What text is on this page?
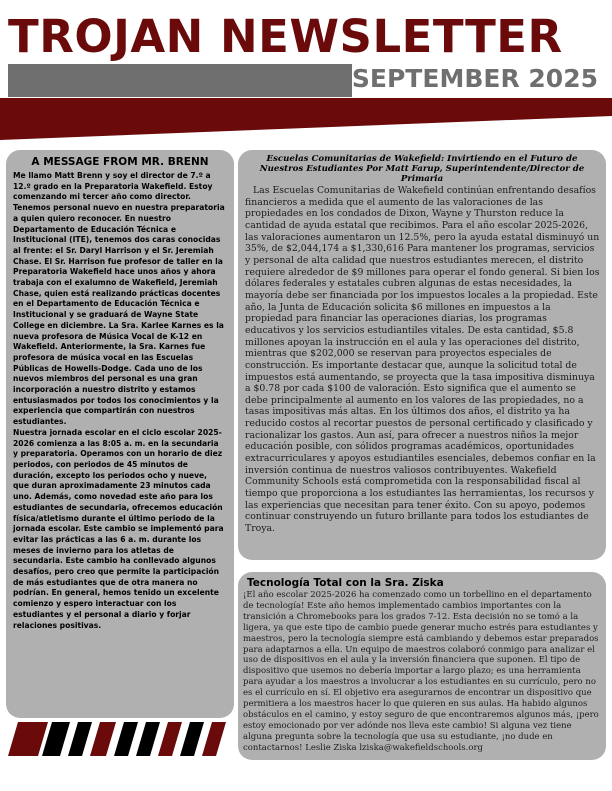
TROJAN NEWSLETTER
SEPTEMBER 2025
A MESSAGE FROM MR. BRENN

Me llamo Matt Brenn y soy el director de 7.º a 12.º grado en la Preparatoria Wakefield. Estoy comenzando mi tercer año como director. Tenemos personal nuevo en nuestra preparatoria a quien quiero reconocer. En nuestro Departamento de Educación Técnica e Institucional (ITE), tenemos dos caras conocidas al frente: el Sr. Daryl Harrison y el Sr. Jeremiah Chase. El Sr. Harrison fue profesor de taller en la Preparatoria Wakefield hace unos años y ahora trabaja con el exalumno de Wakefield, Jeremiah Chase, quien está realizando prácticas docentes en el Departamento de Educación Técnica e Institucional y se graduará de Wayne State College en diciembre. La Sra. Karlee Karnes es la nueva profesora de Música Vocal de K-12 en Wakefield. Anteriormente, la Sra. Karnes fue profesora de música vocal en las Escuelas Públicas de Howells-Dodge. Cada uno de los nuevos miembros del personal es una gran incorporación a nuestro distrito y estamos entusiasmados por todos los conocimientos y la experiencia que compartirán con nuestros estudiantes.

Nuestra jornada escolar en el ciclo escolar 2025-2026 comienza a las 8:05 a. m. en la secundaria y preparatoria. Operamos con un horario de diez periodos, con periodos de 45 minutos de duración, excepto los periodos ocho y nueve, que duran aproximadamente 23 minutos cada uno. Además, como novedad este año para los estudiantes de secundaria, ofrecemos educación física/atletismo durante el último periodo de la jornada escolar. Este cambio se implementó para evitar las prácticas a las 6 a. m. durante los meses de invierno para los atletas de secundaria. Este cambio ha conllevado algunos desafíos, pero creo que permite la participación de más estudiantes que de otra manera no podrían. En general, hemos tenido un excelente comienzo y espero interactuar con los estudiantes y el personal a diario y forjar relaciones positivas.

Escuelas Comunitarias de Wakefield: Invirtiendo en el Futuro de Nuestros Estudiantes Por Matt Farup, Superintendente/Director de Primaria

Las Escuelas Comunitarias de Wakefield continúan enfrentando desafíos financieros a medida que el aumento de las valoraciones de las propiedades en los condados de Dixon, Wayne y Thurston reduce la cantidad de ayuda estatal que recibimos. Para el año escolar 2025-2026, las valoraciones aumentaron un 12.5%, pero la ayuda estatal disminuyó un 35%, de $2,044,174 a $1,330,616 Para mantener los programas, servicios y personal de alta calidad que nuestros estudiantes merecen, el distrito requiere alrededor de $9 millones para operar el fondo general. Si bien los dólares federales y estatales cubren algunas de estas necesidades, la mayoría debe ser financiada por los impuestos locales a la propiedad. Este año, la Junta de Educación solicita $6 millones en impuestos a la propiedad para financiar las operaciones diarias, los programas educativos y los servicios estudiantiles vitales. De esta cantidad, $5.8 millones apoyan la instrucción en el aula y las operaciones del distrito, mientras que $202,000 se reservan para proyectos especiales de construcción. Es importante destacar que, aunque la solicitud total de impuestos está aumentando, se proyecta que la tasa impositiva disminuya a $0.78 por cada $100 de valoración. Esto significa que el aumento se debe principalmente al aumento en los valores de las propiedades, no a tasas impositivas más altas. En los últimos dos años, el distrito ya ha reducido costos al recortar puestos de personal certificado y clasificado y racionalizar los gastos. Aun así, para ofrecer a nuestros niños la mejor educación posible, con sólidos programas académicos, oportunidades extracurriculares y apoyos estudiantiles esenciales, debemos confiar en la inversión continua de nuestros valiosos contribuyentes. Wakefield Community Schools está comprometida con la responsabilidad fiscal al tiempo que proporciona a los estudiantes las herramientas, los recursos y las experiencias que necesitan para tener éxito. Con su apoyo, podemos continuar construyendo un futuro brillante para todos los estudiantes de Troya.

Tecnología Total con la Sra. Ziska

¡El año escolar 2025-2026 ha comenzado como un torbellino en el departamento de tecnología! Este año hemos implementado cambios importantes con la transición a Chromebooks para los grados 7-12. Esta decisión no se tomó a la ligera, ya que este tipo de cambio puede generar mucho estrés para estudiantes y maestros, pero la tecnología siempre está cambiando y debemos estar preparados para adaptarnos a ella. Un equipo de maestros colaboró conmigo para analizar el uso de dispositivos en el aula y la inversión financiera que suponen. El tipo de dispositivo que usemos no debería importar a largo plazo; es una herramienta para ayudar a los maestros a involucrar a los estudiantes en su currículo, pero no es el currículo en sí. El objetivo era asegurarnos de encontrar un dispositivo que permitiera a los maestros hacer lo que quieren en sus aulas. Ha habido algunos obstáculos en el camino, y estoy seguro de que encontraremos algunos más, ¡pero estoy emocionado por ver adónde nos lleva este cambio! Si alguna vez tiene alguna pregunta sobre la tecnología que usa su estudiante, ¡no dude en contactarnos! Leslie Ziska lziska@wakefieldschools.org
